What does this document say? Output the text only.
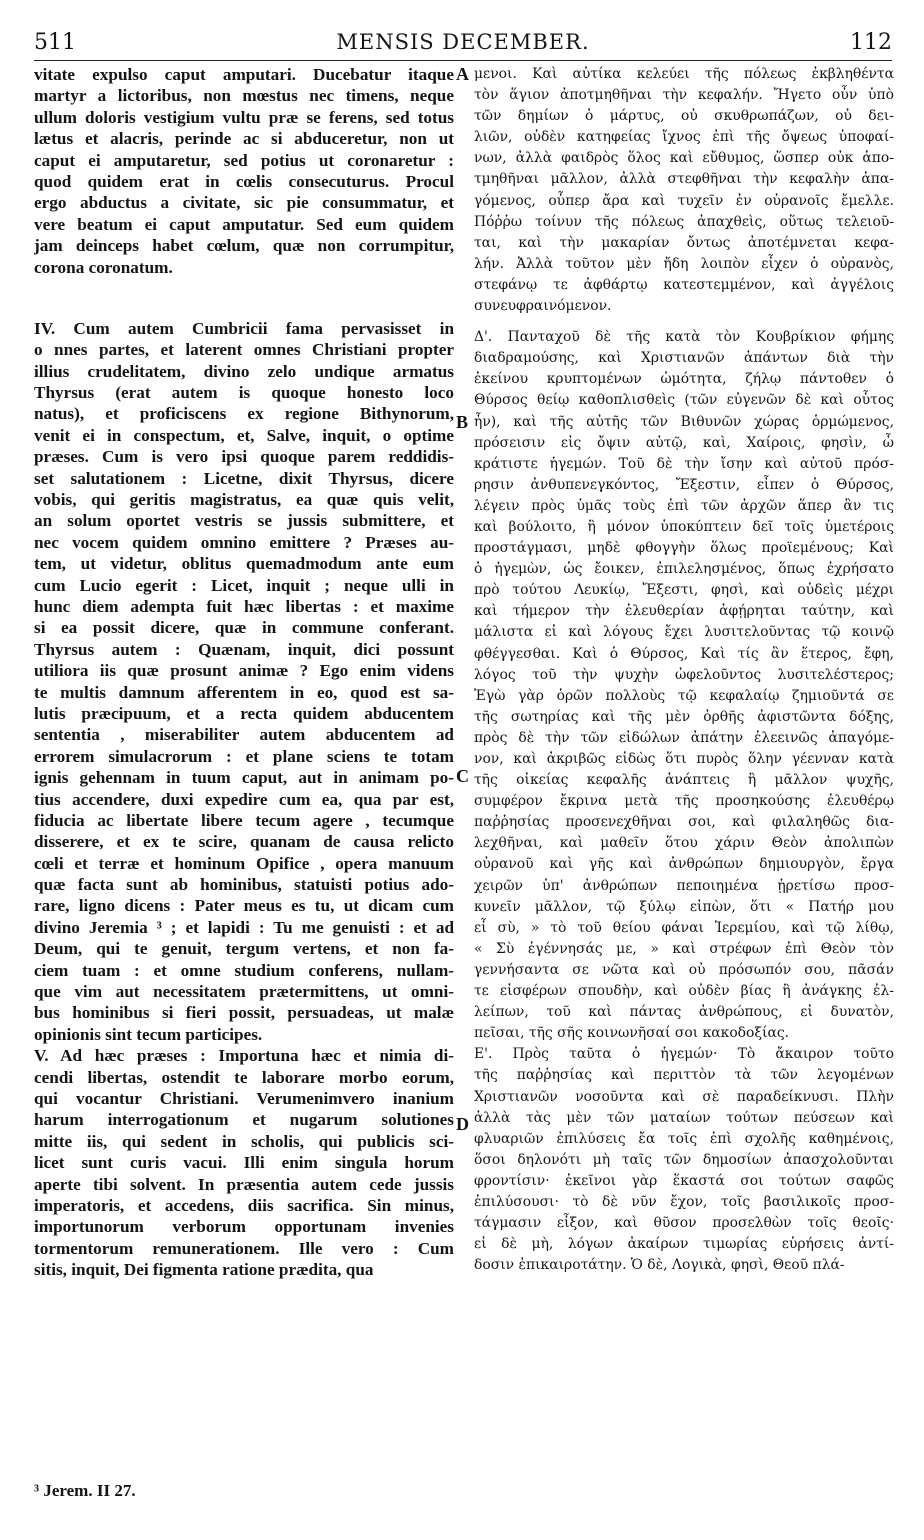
511	MENSIS DECEMBER.	112
vitate expulso caput amputari. Ducebatur itaque
martyr a lictoribus, non mœstus nec timens, neque
ullum doloris vestigium vultu præ se ferens, sed totus
lætus et alacris, perinde ac si abduceretur, non ut
caput ei amputaretur, sed potius ut coronaretur :
quod quidem erat in cœlis consecuturus. Procul
ergo abductus a civitate, sic pie consummatur, et
vere beatum ei caput amputatur. Sed eum quidem
jam deinceps habet cœlum, quæ non corrumpitur,
corona coronatum.
IV. Cum autem Cumbricii fama pervasisset in
o nnes partes, et laterent omnes Christiani propter
illius crudelitatem, divino zelo undique armatus
Thyrsus (erat autem is quoque honesto loco
natus), et proficiscens ex regione Bithynorum,
venit ei in conspectum, et, Salve, inquit, o optime
præses. Cum is vero ipsi quoque parem reddidis-
set salutationem : Licetne, dixit Thyrsus, dicere
vobis, qui geritis magistratus, ea quæ quis velit,
an solum oportet vestris se jussis submittere, et
nec vocem quidem omnino emittere ? Præses au-
tem, ut videtur, oblitus quemadmodum ante eum
cum Lucio egerit : Licet, inquit ; neque ulli in
hunc diem adempta fuit hæc libertas : et maxime
si ea possit dicere, quæ in commune conferant.
Thyrsus autem : Quænam, inquit, dici possunt
utiliora iis quæ prosunt animæ ? Ego enim videns
te multis damnum afferentem in eo, quod est sa-
lutis præcipuum, et a recta quidem abducentem
sententia , miserabiliter autem abducentem ad
errorem simulacrorum : et plane sciens te totam
ignis gehennam in tuum caput, aut in animam po-
tius accendere, duxi expedire cum ea, qua par est,
fiducia ac libertate libere tecum agere , tecumque
disserere, et ex te scire, quanam de causa relicto
cœli et terræ et hominum Opifice , opera manuum
quæ facta sunt ab hominibus, statuisti potius ado-
rare, ligno dicens : Pater meus es tu, ut dicam cum
divino Jeremia ³ ; et lapidi : Tu me genuisti : et ad
Deum, qui te genuit, tergum vertens, et non fa-
ciem tuam : et omne studium conferens, nullam-
que vim aut necessitatem prætermittens, ut omni-
bus hominibus si fieri possit, persuadeas, ut malæ
opinionis sint tecum participes.
V. Ad hæc præses : Importuna hæc et nimia di-
cendi libertas, ostendit te laborare morbo eorum,
qui vocantur Christiani. Verumenimvero inanium
harum interrogationum et nugarum solutiones
mitte iis, qui sedent in scholis, qui publicis sci-
licet sunt curis vacui. Illi enim singula horum
aperte tibi solvent. In præsentia autem cede jussis
imperatoris, et accedens, diis sacrifica. Sin minus,
importunorum verborum opportunam invenies
tormentorum remunerationem. Ille vero : Cum
sitis, inquit, Dei figmenta ratione prædita, qua
μενοι. Καὶ αὐτίκα κελεύει τῆς πόλεως ἐκβληθέντα
τὸν ἅγιον ἀποτμηθῆναι τὴν κεφαλήν. Ἤγετο οὖν ὑπὸ
τῶν δημίων ὁ μάρτυς, οὐ σκυθρωπάζων, οὐ δει-
λιῶν, οὐδὲν κατηφείας ἴχνος ἐπὶ τῆς ὄψεως ὑποφαί-
νων, ἀλλὰ φαιδρὸς ὅλος καὶ εὔθυμος, ὥσπερ οὐκ ἀπο-
τμηθῆναι μᾶλλον, ἀλλὰ στεφθῆναι τὴν κεφαλὴν ἀπα-
γόμενος, οὗπερ ἄρα καὶ τυχεῖν ἐν οὐρανοῖς ἔμελλε.
Πόῤῥω τοίνυν τῆς πόλεως ἀπαχθεὶς, οὕτως τελειοῦ-
ται, καὶ τὴν μακαρίαν ὄντως ἀποτέμνεται κεφα-
λήν. Ἀλλὰ τοῦτον μὲν ἤδη λοιπὸν εἶχεν ὁ οὐρανὸς,
στεφάνῳ τε ἀφθάρτῳ κατεστεμμένον, καὶ ἀγγέλοις
συνευφραινόμενον.
Δ'. Πανταχοῦ δὲ τῆς κατὰ τὸν Κουβρίκιον φήμης
διαδραμούσης, καὶ Χριστιανῶν ἁπάντων διὰ τὴν
ἐκείνου κρυπτομένων ὠμότητα, ζήλῳ πάντοθεν ὁ
Θύρσος θείῳ καθοπλισθεὶς (τῶν εὐγενῶν δὲ καὶ οὗτος
ἦν), καὶ τῆς αὐτῆς τῶν Βιθυνῶν χώρας ὁρμώμενος,
πρόσεισιν εἰς ὄψιν αὐτῷ, καὶ, Χαίροις, φησὶν, ὦ
κράτιστε ἡγεμών. Τοῦ δὲ τὴν ἴσην καὶ αὐτοῦ πρόσ-
ρησιν ἀνθυπενεγκόντος, Ἔξεστιν, εἶπεν ὁ Θύρσος,
λέγειν πρὸς ὑμᾶς τοὺς ἐπὶ τῶν ἀρχῶν ἅπερ ἂν τις
καὶ βούλοιτο, ἢ μόνον ὑποκύπτειν δεῖ τοῖς ὑμετέροις
προστάγμασι, μηδὲ φθογγὴν ὅλως προϊεμένους; Καὶ
ὁ ἡγεμὼν, ὡς ἔοικεν, ἐπιλελησμένος, ὅπως ἐχρήσατο
πρὸ τούτου Λευκίῳ, Ἔξεστι, φησὶ, καὶ οὐδεὶς μέχρι
καὶ τήμερον τὴν ἐλευθερίαν ἀφῄρηται ταύτην, καὶ
μάλιστα εἰ καὶ λόγους ἔχει λυσιτελοῦντας τῷ κοινῷ
φθέγγεσθαι. Καὶ ὁ Θύρσος, Καὶ τίς ἂν ἕτερος, ἔφη,
λόγος τοῦ τὴν ψυχὴν ὠφελοῦντος λυσιτελέστερος;
Ἐγὼ γὰρ ὁρῶν πολλοὺς τῷ κεφαλαίῳ ζημιοῦντά σε
τῆς σωτηρίας καὶ τῆς μὲν ὀρθῆς ἀφιστῶντα δόξης,
πρὸς δὲ τὴν τῶν εἰδώλων ἀπάτην ἐλεεινῶς ἀπαγόμε-
νον, καὶ ἀκριβῶς εἰδὼς ὅτι πυρὸς ὅλην γέενναν κατὰ
τῆς οἰκείας κεφαλῆς ἀνάπτεις ἢ μᾶλλον ψυχῆς,
συμφέρον ἔκρινα μετὰ τῆς προσηκούσης ἐλευθέρῳ
παῤῥησίας προσενεχθῆναι σοι, καὶ φιλαληθῶς δια-
λεχθῆναι, καὶ μαθεῖν ὅτου χάριν Θεὸν ἀπολιπὼν
οὐρανοῦ καὶ γῆς καὶ ἀνθρώπων δημιουργὸν, ἔργα
χειρῶν ὑπ' ἀνθρώπων πεποιημένα ᾑρετίσω προσ-
κυνεῖν μᾶλλον, τῷ ξύλῳ εἰπὼν, ὅτι « Πατήρ μου
εἶ σὺ, » τὸ τοῦ θείου φάναι Ἱερεμίου, καὶ τῷ λίθῳ,
« Σὺ ἐγέννησάς με, » καὶ στρέφων ἐπὶ Θεὸν τὸν
γεννήσαντα σε νῶτα καὶ οὐ πρόσωπόν σου, πᾶσάν
τε εἰσφέρων σπουδὴν, καὶ οὐδὲν βίας ἢ ἀνάγκης ἐλ-
λείπων, τοῦ καὶ πάντας ἀνθρώπους, εἰ δυνατὸν,
πεῖσαι, τῆς σῆς κοινωνῆσαί σοι κακοδοξίας.
Ε'. Πρὸς ταῦτα ὁ ἡγεμών· Τὸ ἄκαιρον τοῦτο
τῆς παῤῥησίας καὶ περιττὸν τὰ τῶν λεγομένων
Χριστιανῶν νοσοῦντα καὶ σὲ παραδείκνυσι. Πλὴν
ἀλλὰ τὰς μὲν τῶν ματαίων τούτων πεύσεων καὶ
φλυαριῶν ἐπιλύσεις ἔα τοῖς ἐπὶ σχολῆς καθημένοις,
ὅσοι δηλονότι μὴ ταῖς τῶν δημοσίων ἀπασχολοῦνται
φροντίσιν· ἐκεῖνοι γὰρ ἕκαστά σοι τούτων σαφῶς
ἐπιλύσουσι· τὸ δὲ νῦν ἔχον, τοῖς βασιλικοῖς προσ-
τάγμασιν εἶξον, καὶ θῦσον προσελθὼν τοῖς θεοῖς·
εἰ δὲ μὴ, λόγων ἀκαίρων τιμωρίας εὑρήσεις ἀντί-
δοσιν ἐπικαιροτάτην. Ὁ δὲ, Λογικὰ, φησὶ, Θεοῦ πλά-
A
B
C
D
³ Jerem. II 27.
